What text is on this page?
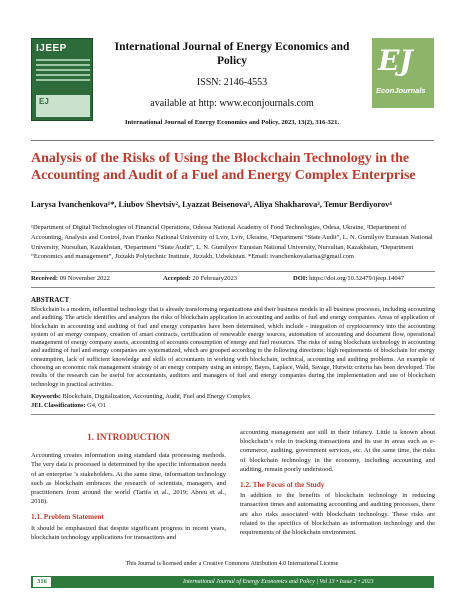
IJEEP
EJ
International Journal of Energy Economics and
Policy
ISSN: 2146-4553
available at http: www.econjournals.com
International Journal of Energy Economics and Policy, 2023, 13(2), 316-321.
EJ
EconJournals
Analysis of the Risks of Using the Blockchain Technology in the
Accounting and Audit of a Fuel and Energy Complex Enterprise
Larysa Ivanchenkova¹*, Liubov Shevtsiv², Lyazzat Beisenova³, Aliya Shakharova³, Temur Berdiyorov⁴
¹Department of Digital Technologies of Financial Operations, Odessa National Academy of Food Technologies, Odesa, Ukraine, ²Department of Accounting, Analysis and Control, Ivan Franko National University of Lviv, Lviv, Ukraine, ³Department “State Audit”, L. N. Gumilyov Eurasian National University, Nursultan, Kazakhstan, ³Department “State Audit”, L. N. Gumilyov Eurasian National University, Nursultan, Kazakhstan, ⁴Department “Economics and management”, Jizzakh Polytechnic Institute, Jizzakh, Uzbekistan. *Email: ivanchenkovalarisa@gmail.com
Received: 09 November 2022	Accepted: 20 February2023	DOI: https://doi.org/10.32479/ijeep.14047
ABSTRACT
Blockchain is a modern, influential technology that is already transforming organizations and their business models in all business processes, including accounting and auditing. The article identifies and analyzes the risks of blockchain application in accounting and audits of fuel and energy companies. Areas of application of blockchain in accounting and auditing of fuel and energy companies have been determined, which include - integration of cryptocurrency into the accounting system of an energy company, creation of smart contracts, certification of renewable energy sources, automation of accounting and document flow, operational management of energy company assets, accounting of accounts consumption of energy and fuel resources. The risks of using blockchain technology in accounting and auditing of fuel and energy companies are systematized, which are grouped according to the following directions: high requirements of blockchain for energy consumption, lack of sufficient knowledge and skills of accountants in working with blockchain, technical, accounting and auditing problems. An example of choosing an economic risk management strategy of an energy company using an entropy, Bayes, Laplace, Wald, Savage, Hurwitz criteria has been developed. The results of the research can be useful for accountants, auditors and managers of fuel and energy companies during the implementation and use of blockchain technology in practical activities.
Keywords: Blockchain, Digitalization, Accounting, Audit, Fuel and Energy Complex
JEL Classifications: G4, O1
1. INTRODUCTION

Accounting creates information using standard data processing methods. The very data is processed is determined by the specific information needs of an enterprise ’s stakeholders. At the same time, information technology such as blockchain embraces the research of scientists, managers, and practitioners from around the world (Tarifa et al., 2019; Abreu et al., 2018).

1.1. Problem Statement

It should be emphasized that despite significant progress in recent years, blockchain technology applications for transactions and

accounting management are still in their infancy. Little is known about blockchain’s role in tracking transactions and its use in areas such as e-commerce, auditing, government services, etc. At the same time, the risks of blockchain technology in the economy, including accounting and auditing, remain poorly understood.

1.2. The Focus of the Study

In addition to the benefits of blockchain technology in reducing transaction times and automating accounting and auditing processes, there are also risks associated with blockchain technology. These risks are related to the specifics of blockchain as information technology and the requirements of the blockchain environment.

This Journal is licensed under a Creative Commons Attribution 4.0 International License
316	International Journal of Energy Economics and Policy | Vol 13 • Issue 2 • 2023
